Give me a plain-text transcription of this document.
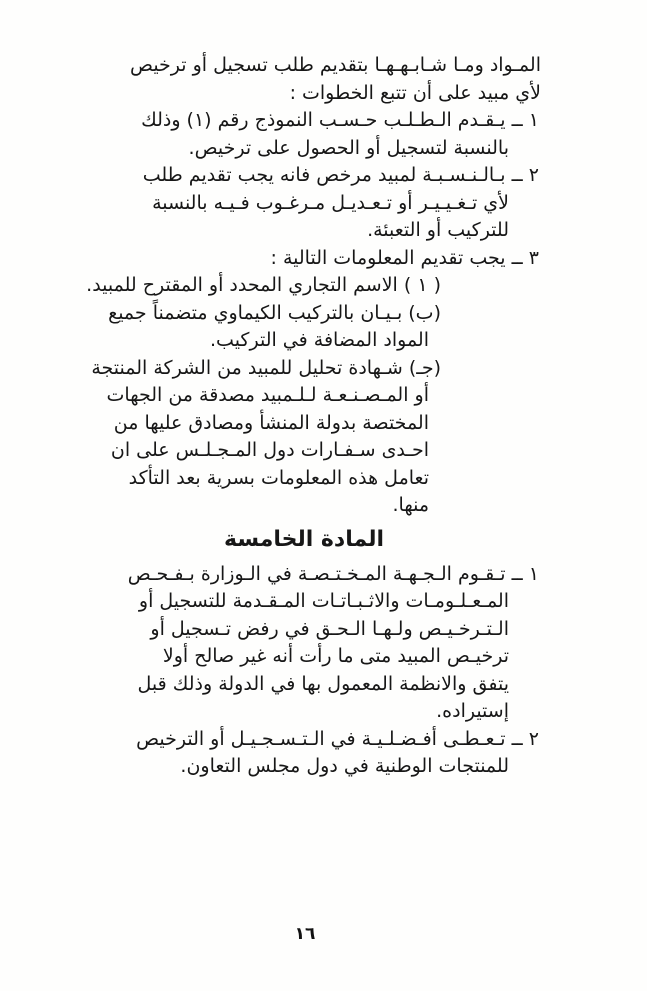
المـواد ومـا شـابـهـهـا بتقديم طلب تسجيل أو ترخيص
لأي مبيد على أن تتبع الخطوات :
١ ــ يـقـدم الـطـلـب حـسـب النموذج رقم (١) وذلك
بالنسبة لتسجيل أو الحصول على ترخيص.
٢ ــ بـالـنـسـبـة لمبيد مرخص فانه يجب تقديم طلب
لأي تـغـيـيـر أو تـعـديـل مـرغـوب فـيـه بالنسبة
للتركيب أو التعبئة.
٣ ــ يجب تقديم المعلومات التالية :
( ١ ) الاسم التجاري المحدد أو المقترح للمبيد.
(ب) بـيـان بالتركيب الكيماوي متضمناً جميع
المواد المضافة في التركيب.
(جـ) شـهادة تحليل للمبيد من الشركة المنتجة
أو المـصـنـعـة لـلـمبيد مصدقة من الجهات
المختصة بدولة المنشأ ومصادق عليها من
احـدى سـفـارات دول المـجـلـس على ان
تعامل هذه المعلومات بسرية بعد التأكد
منها.
المادة الخامسة
١ ــ تـقـوم الـجـهـة المـخـتـصـة في الـوزارة بـفـحـص
المـعـلـومـات والاثـبـاتـات المـقـدمة للتسجيل أو
الـتـرخـيـص ولـهـا الـحـق في رفض تـسجيل أو
ترخيـص المبيد متى ما رأت أنه غير صالح أولا
يتفق والانظمة المعمول بها في الدولة وذلك قبل
إستيراده.
٢ ــ تـعـطـى أفـضـلـيـة في الـتـسـجـيـل أو الترخيص
للمنتجات الوطنية في دول مجلس التعاون.
١٦
